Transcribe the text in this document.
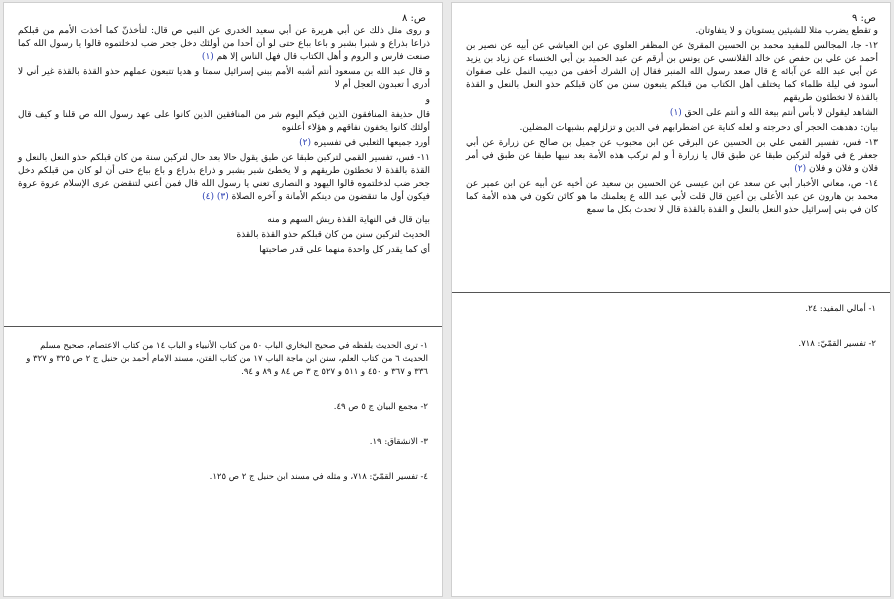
ص: ٨

و روى مثل ذلك عن أبي هريرة عن أبي سعيد الخدري عن النبي ص قال: لتأخذنّ كما أخذت الأمم من قبلكم ذراعا بذراع و شبرا بشبر و باعا بباع حتى لو أن أحدا من أولئك دخل جحر ضب لدخلتموه قالوا يا رسول الله كما صنعت فارس و الروم و أهل الكتاب قال فهل الناس إلا هم (١)

و قال عبد الله بن مسعود أنتم أشبه الأمم ببني إسرائيل سمتا و هديا تتبعون عملهم حذو القذة بالقذة غير أني لا أدري أ تعبدون العجل أم لا

و

قال حذيفة المنافقون الذين فيكم اليوم شر من المنافقين الذين كانوا على عهد رسول الله ص قلنا و كيف قال أولئك كانوا يخفون نفاقهم و هؤلاء أعلنوه

أورد جميعها الثعلبي في تفسيره (٢)

١١- فس، تفسير القمي لتركبن طبقا عن طبق يقول حالا بعد حال لتركبن سنة من كان قبلكم حذو النعل بالنعل و القذة بالقذة لا تخطئون طريقهم و لا يخطئ شبر بشبر و ذراع بذراع و باع بباع حتى أن لو كان من قبلكم دخل جحر ضب لدخلتموه قالوا اليهود و النصارى تعني يا رسول الله قال فمن أعني لتنقضن عرى الإسلام عروة عروة فيكون أول ما تنقضون من دينكم الأمانة و آخره الصلاة (٣) (٤)

بيان قال في النهاية القذة ريش السهم و منه

الحديث لتركبن سنن من كان قبلكم حذو القذة بالقذة

أي كما يقدر كل واحدة منهما على قدر صاحبتها

١- ترى الحديث بلفظه في صحيح البخاري الباب ٥٠ من كتاب الأنبياء و الباب ١٤ من كتاب الاعتصام، صحيح مسلم الحديث ٦ من كتاب العلم، سنن ابن ماجة الباب ١٧ من كتاب الفتن، مسند الامام أحمد بن حنبل ج ٢ ص ٣٢٥ و ٣٢٧ و ٣٣٦ و ٣٦٧ و ٤٥٠ و ٥١١ و ٥٢٧ ج ٣ ص ٨٤ و ٨٩ و ٩٤.
٢- مجمع البيان ج ٥ ص ٤٩.
٣- الانشقاق: ١٩.
٤- تفسير القمّيّ: ٧١٨، و مثله في مسند ابن حنبل ج ٢ ص ١٢٥.
ص: ٩

و تقطع يضرب مثلا للشيئين يستويان و لا يتفاوتان.

١٢- جا، المجالس للمفيد محمد بن الحسين المقرئ عن المظفر العلوي عن ابن العياشي عن أبيه عن نصير بن أحمد عن علي بن حفص عن خالد القلانسي عن يونس بن أرقم عن عبد الحميد بن أبي الخنساء عن زياد بن يزيد عن أبي عبد الله عن آبائه ع قال صعد رسول الله المنبر فقال إن الشرك أخفى من دبيب النمل على صفوان أسود في ليلة ظلماء كما يختلف أهل الكتاب من قبلكم يتبعون سنن من كان قبلكم حذو النعل بالنعل و القذة بالقذة لا تخطئون طريقهم

الشاهد ليقولن لا بأس أنتم بيعة الله و أنتم على الحق (١)

بيان: دهدهت الحجر أي دحرجته و لعله كناية عن اضطرابهم في الدين و تزلزلهم بشبهات المضلين.

١٣- فس، تفسير القمي علي بن الحسين عن البرقي عن ابن محبوب عن جميل بن صالح عن زرارة عن أبي جعفر ع في قوله لتركبن طبقا عن طبق قال يا زرارة أ و لم تركب هذه الأمة بعد نبيها طبقا عن طبق في أمر فلان و فلان و فلان (٢)

١٤- ص، معاني الأخبار أبي عن سعد عن ابن عيسى عن الحسين بن سعيد عن أخيه عن أبيه عن ابن عمير عن محمد بن هارون عن عبد الأعلى بن أعين قال قلت لأبي عبد الله ع يعلمنك ما هو كائن تكون في هذه الأمة كما كان في بني إسرائيل حذو النعل بالنعل و القذة بالقذة قال لا تحدث بكل ما سمع

١- أمالي المفيد: ٢٤.
٢- تفسير القمّيّ: ٧١٨.
